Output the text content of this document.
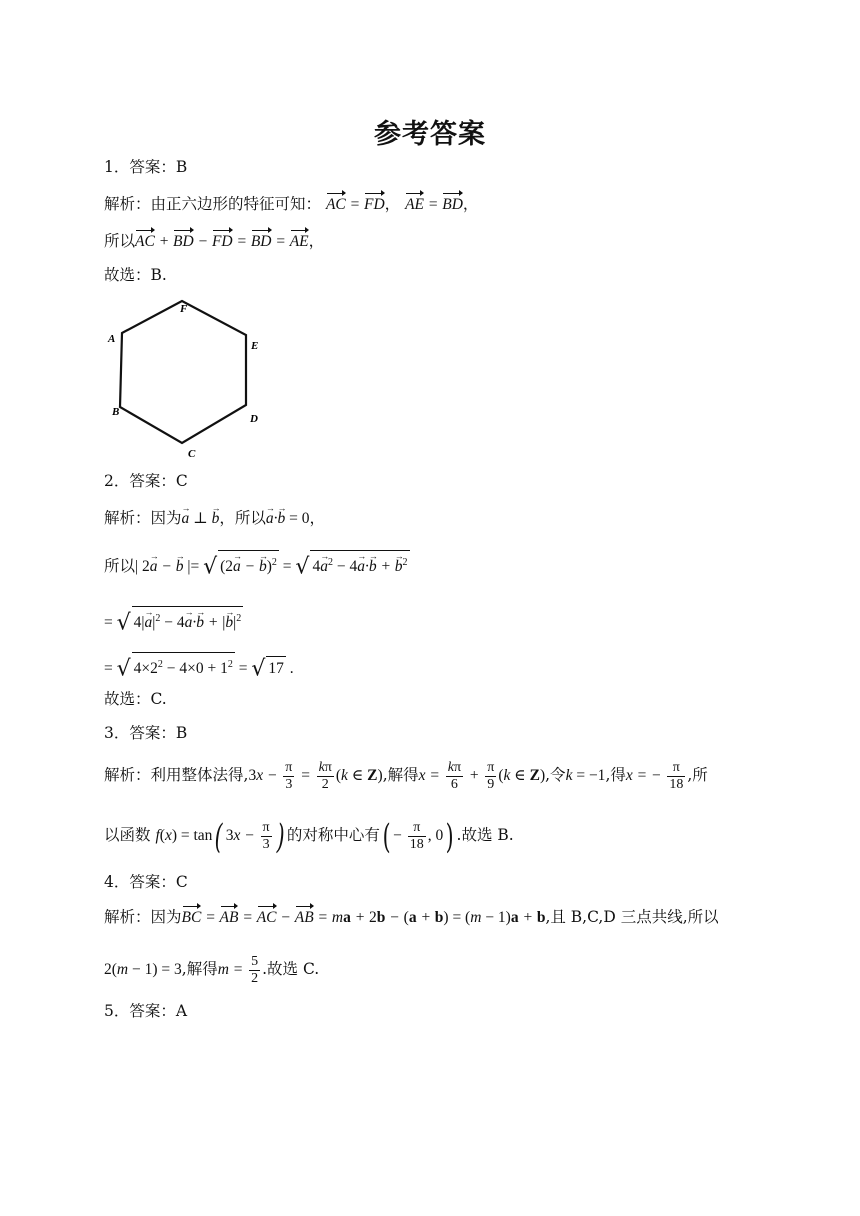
参考答案
1．答案：B
解析：由正六边形的特征可知： AC = FD， AE = BD，
所以AC + BD − FD = BD = AE，
故选：B.
A
F
E
D
C
B
2．答案：C
解析：因为→ a ⊥ → b，所以→ a·→ b = 0，
所以| 2→ a − → b |= √ (2→ a − → b)$^2$ = √ $4\to a^2 - 4\to a\cdot\to b$ + → $b^2$
= √ $4|\to a|^2 - 4\to a\cdot\to b$ + |→ $b|^2$
= √ $4\times 2^2 - 4\times 0 + 1^2$ = √ 17 .
故选：C.
3．答案：B
解析：利用整体法得$,3x - \frac{\pi}{3} = \frac{k\pi}{2} (k$ ∈ Z),解得$x = \frac{k\pi}{6} + \frac{\pi}{9} (k$ ∈ Z),令k = −1,得x = − $\frac{\pi}{18}$ ,所
以函数 f(x) = tan( $3x - \frac{\pi}{3}$ ) 的对称中心有( − $\frac{\pi}{18}$ , 0) .故选 B.
4．答案：C
解析：因为BC = AB = AC − AB = ma + 2b − (a + b) = (m − 1)a + b,且 B,C,D 三点共线,所以
2(m − 1) = 3,解得$m = \frac{5}{2}$ .故选 C.
5．答案：A
